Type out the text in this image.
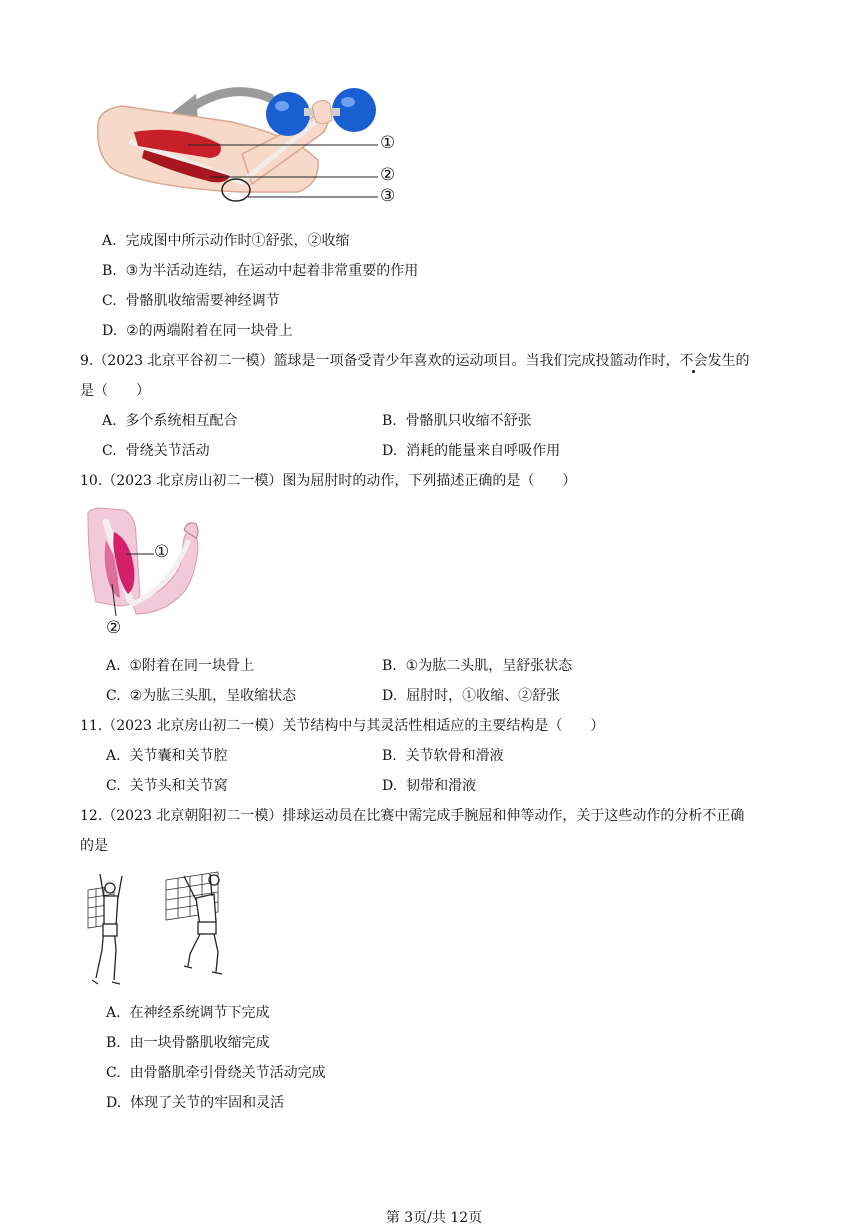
①
②
③
A. 完成图中所示动作时①舒张，②收缩
B. ③为半活动连结，在运动中起着非常重要的作用
C. 骨骼肌收缩需要神经调节
D. ②的两端附着在同一块骨上
9.（2023 北京平谷初二一模）篮球是一项备受青少年喜欢的运动项目。当我们完成投篮动作时，不会发生的
是（　　）
A. 多个系统相互配合	B. 骨骼肌只收缩不舒张
C. 骨绕关节活动	D. 消耗的能量来自呼吸作用
10.（2023 北京房山初二一模）图为屈肘时的动作，下列描述正确的是（　　）
①
②
A. ①附着在同一块骨上	B. ①为肱二头肌，呈舒张状态
C. ②为肱三头肌，呈收缩状态	D. 屈肘时，①收缩、②舒张
11.（2023 北京房山初二一模）关节结构中与其灵活性相适应的主要结构是（　　）
A. 关节囊和关节腔	B. 关节软骨和滑液
C. 关节头和关节窝	D. 韧带和滑液
12.（2023 北京朝阳初二一模）排球运动员在比赛中需完成手腕屈和伸等动作，关于这些动作的分析不正确
的是
A. 在神经系统调节下完成
B. 由一块骨骼肌收缩完成
C. 由骨骼肌牵引骨绕关节活动完成
D. 体现了关节的牢固和灵活
第 3页/共 12页
